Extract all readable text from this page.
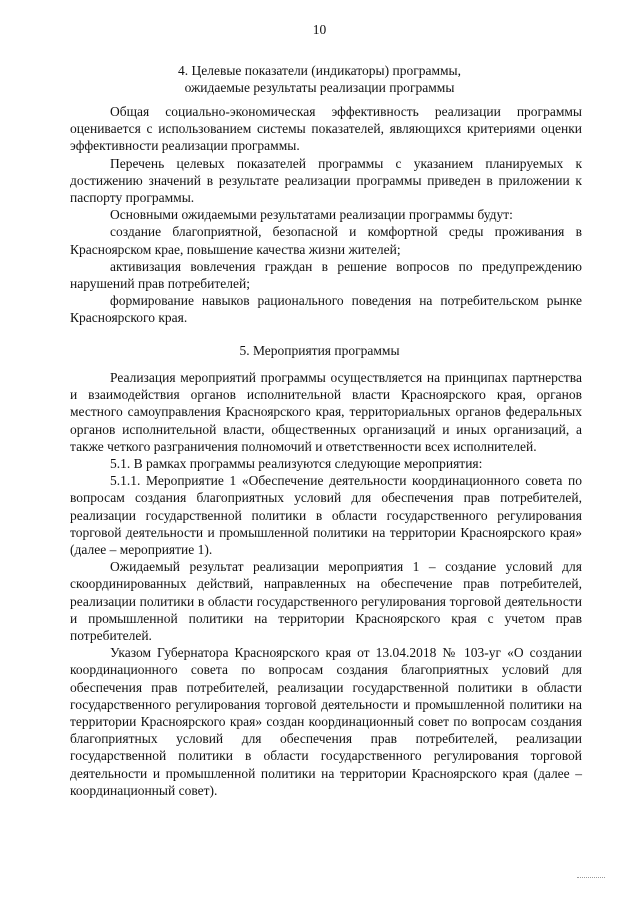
10
4. Целевые показатели (индикаторы) программы,
ожидаемые результаты реализации программы

Общая социально-экономическая эффективность реализации программы оценивается с использованием системы показателей, являющихся критериями оценки эффективности реализации программы.

Перечень целевых показателей программы с указанием планируемых к достижению значений в результате реализации программы приведен в приложении к паспорту программы.

Основными ожидаемыми результатами реализации программы будут:

создание благоприятной, безопасной и комфортной среды проживания в Красноярском крае, повышение качества жизни жителей;

активизация вовлечения граждан в решение вопросов по предупреждению нарушений прав потребителей;

формирование навыков рационального поведения на потребительском рынке Красноярского края.

5. Мероприятия программы

Реализация мероприятий программы осуществляется на принципах партнерства и взаимодействия органов исполнительной власти Красноярского края, органов местного самоуправления Красноярского края, территориальных органов федеральных органов исполнительной власти, общественных организаций и иных организаций, а также четкого разграничения полномочий и ответственности всех исполнителей.

5.1. В рамках программы реализуются следующие мероприятия:

5.1.1. Мероприятие 1 «Обеспечение деятельности координационного совета по вопросам создания благоприятных условий для обеспечения прав потребителей, реализации государственной политики в области государственного регулирования торговой деятельности и промышленной политики на территории Красноярского края» (далее – мероприятие 1).

Ожидаемый результат реализации мероприятия 1 – создание условий для скоординированных действий, направленных на обеспечение прав потребителей, реализации политики в области государственного регулирования торговой деятельности и промышленной политики на территории Красноярского края с учетом прав потребителей.

Указом Губернатора Красноярского края от 13.04.2018 № 103-уг «О создании координационного совета по вопросам создания благоприятных условий для обеспечения прав потребителей, реализации государственной политики в области государственного регулирования торговой деятельности и промышленной политики на территории Красноярского края» создан координационный совет по вопросам создания благоприятных условий для обеспечения прав потребителей, реализации государственной политики в области государственного регулирования торговой деятельности и промышленной политики на территории Красноярского края (далее – координационный совет).
